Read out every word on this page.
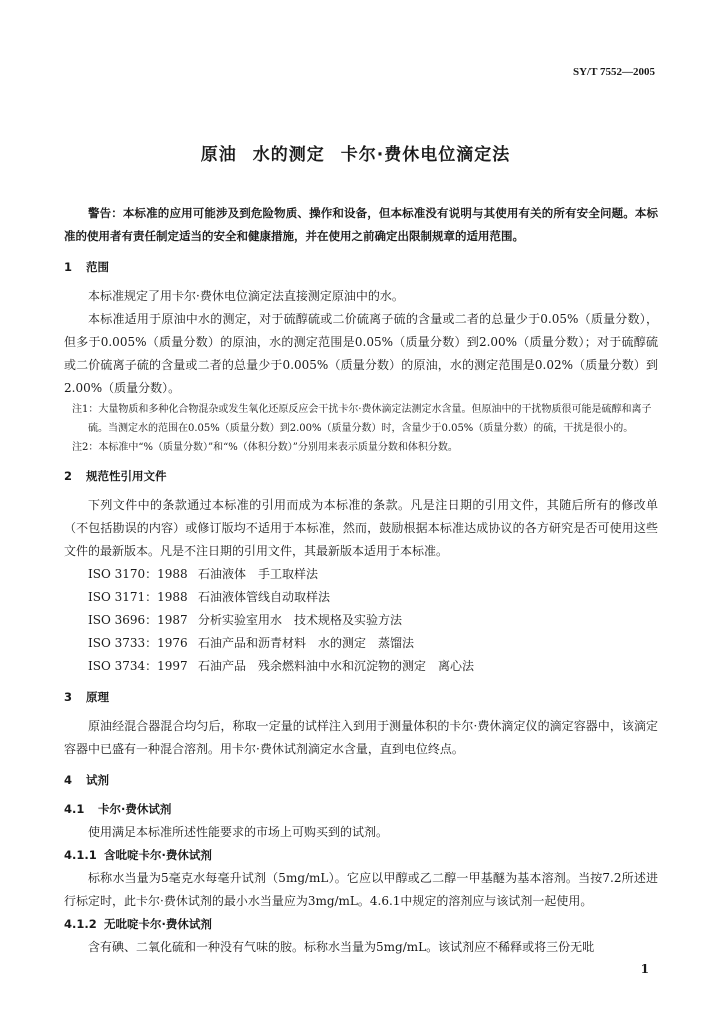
SY/T 7552—2005
原油 水的测定 卡尔·费休电位滴定法

警告：本标准的应用可能涉及到危险物质、操作和设备，但本标准没有说明与其使用有关的所有安全问题。本标准的使用者有责任制定适当的安全和健康措施，并在使用之前确定出限制规章的适用范围。

1 范围

本标准规定了用卡尔·费休电位滴定法直接测定原油中的水。

本标准适用于原油中水的测定，对于硫醇硫或二价硫离子硫的含量或二者的总量少于0.05%（质量分数），但多于0.005%（质量分数）的原油，水的测定范围是0.05%（质量分数）到2.00%（质量分数）；对于硫醇硫或二价硫离子硫的含量或二者的总量少于0.005%（质量分数）的原油，水的测定范围是0.02%（质量分数）到2.00%（质量分数）。

注1：大量物质和多种化合物混杂或发生氧化还原反应会干扰卡尔·费休滴定法测定水含量。但原油中的干扰物质很可能是硫醇和离子硫。当测定水的范围在0.05%（质量分数）到2.00%（质量分数）时，含量少于0.05%（质量分数）的硫，干扰是很小的。

注2：本标准中“%（质量分数）”和“%（体积分数）”分别用来表示质量分数和体积分数。

2 规范性引用文件

下列文件中的条款通过本标准的引用而成为本标准的条款。凡是注日期的引用文件，其随后所有的修改单（不包括勘误的内容）或修订版均不适用于本标准，然而，鼓励根据本标准达成协议的各方研究是否可使用这些文件的最新版本。凡是不注日期的引用文件，其最新版本适用于本标准。

ISO 3170：1988 石油液体　手工取样法

ISO 3171：1988 石油液体管线自动取样法

ISO 3696：1987 分析实验室用水　技术规格及实验方法

ISO 3733：1976 石油产品和沥青材料　水的测定　蒸馏法

ISO 3734：1997 石油产品　残余燃料油中水和沉淀物的测定　离心法

3 原理

原油经混合器混合均匀后，称取一定量的试样注入到用于测量体积的卡尔·费休滴定仪的滴定容器中，该滴定容器中已盛有一种混合溶剂。用卡尔·费休试剂滴定水含量，直到电位终点。

4 试剂
4.1 卡尔·费休试剂

使用满足本标准所述性能要求的市场上可购买到的试剂。

4.1.1 含吡啶卡尔·费休试剂

标称水当量为5毫克水每毫升试剂（5mg/mL）。它应以甲醇或乙二醇一甲基醚为基本溶剂。当按7.2所述进行标定时，此卡尔·费休试剂的最小水当量应为3mg/mL。4.6.1中规定的溶剂应与该试剂一起使用。

4.1.2 无吡啶卡尔·费休试剂

含有碘、二氧化硫和一种没有气味的胺。标称水当量为5mg/mL。该试剂应不稀释或将三份无吡

1
